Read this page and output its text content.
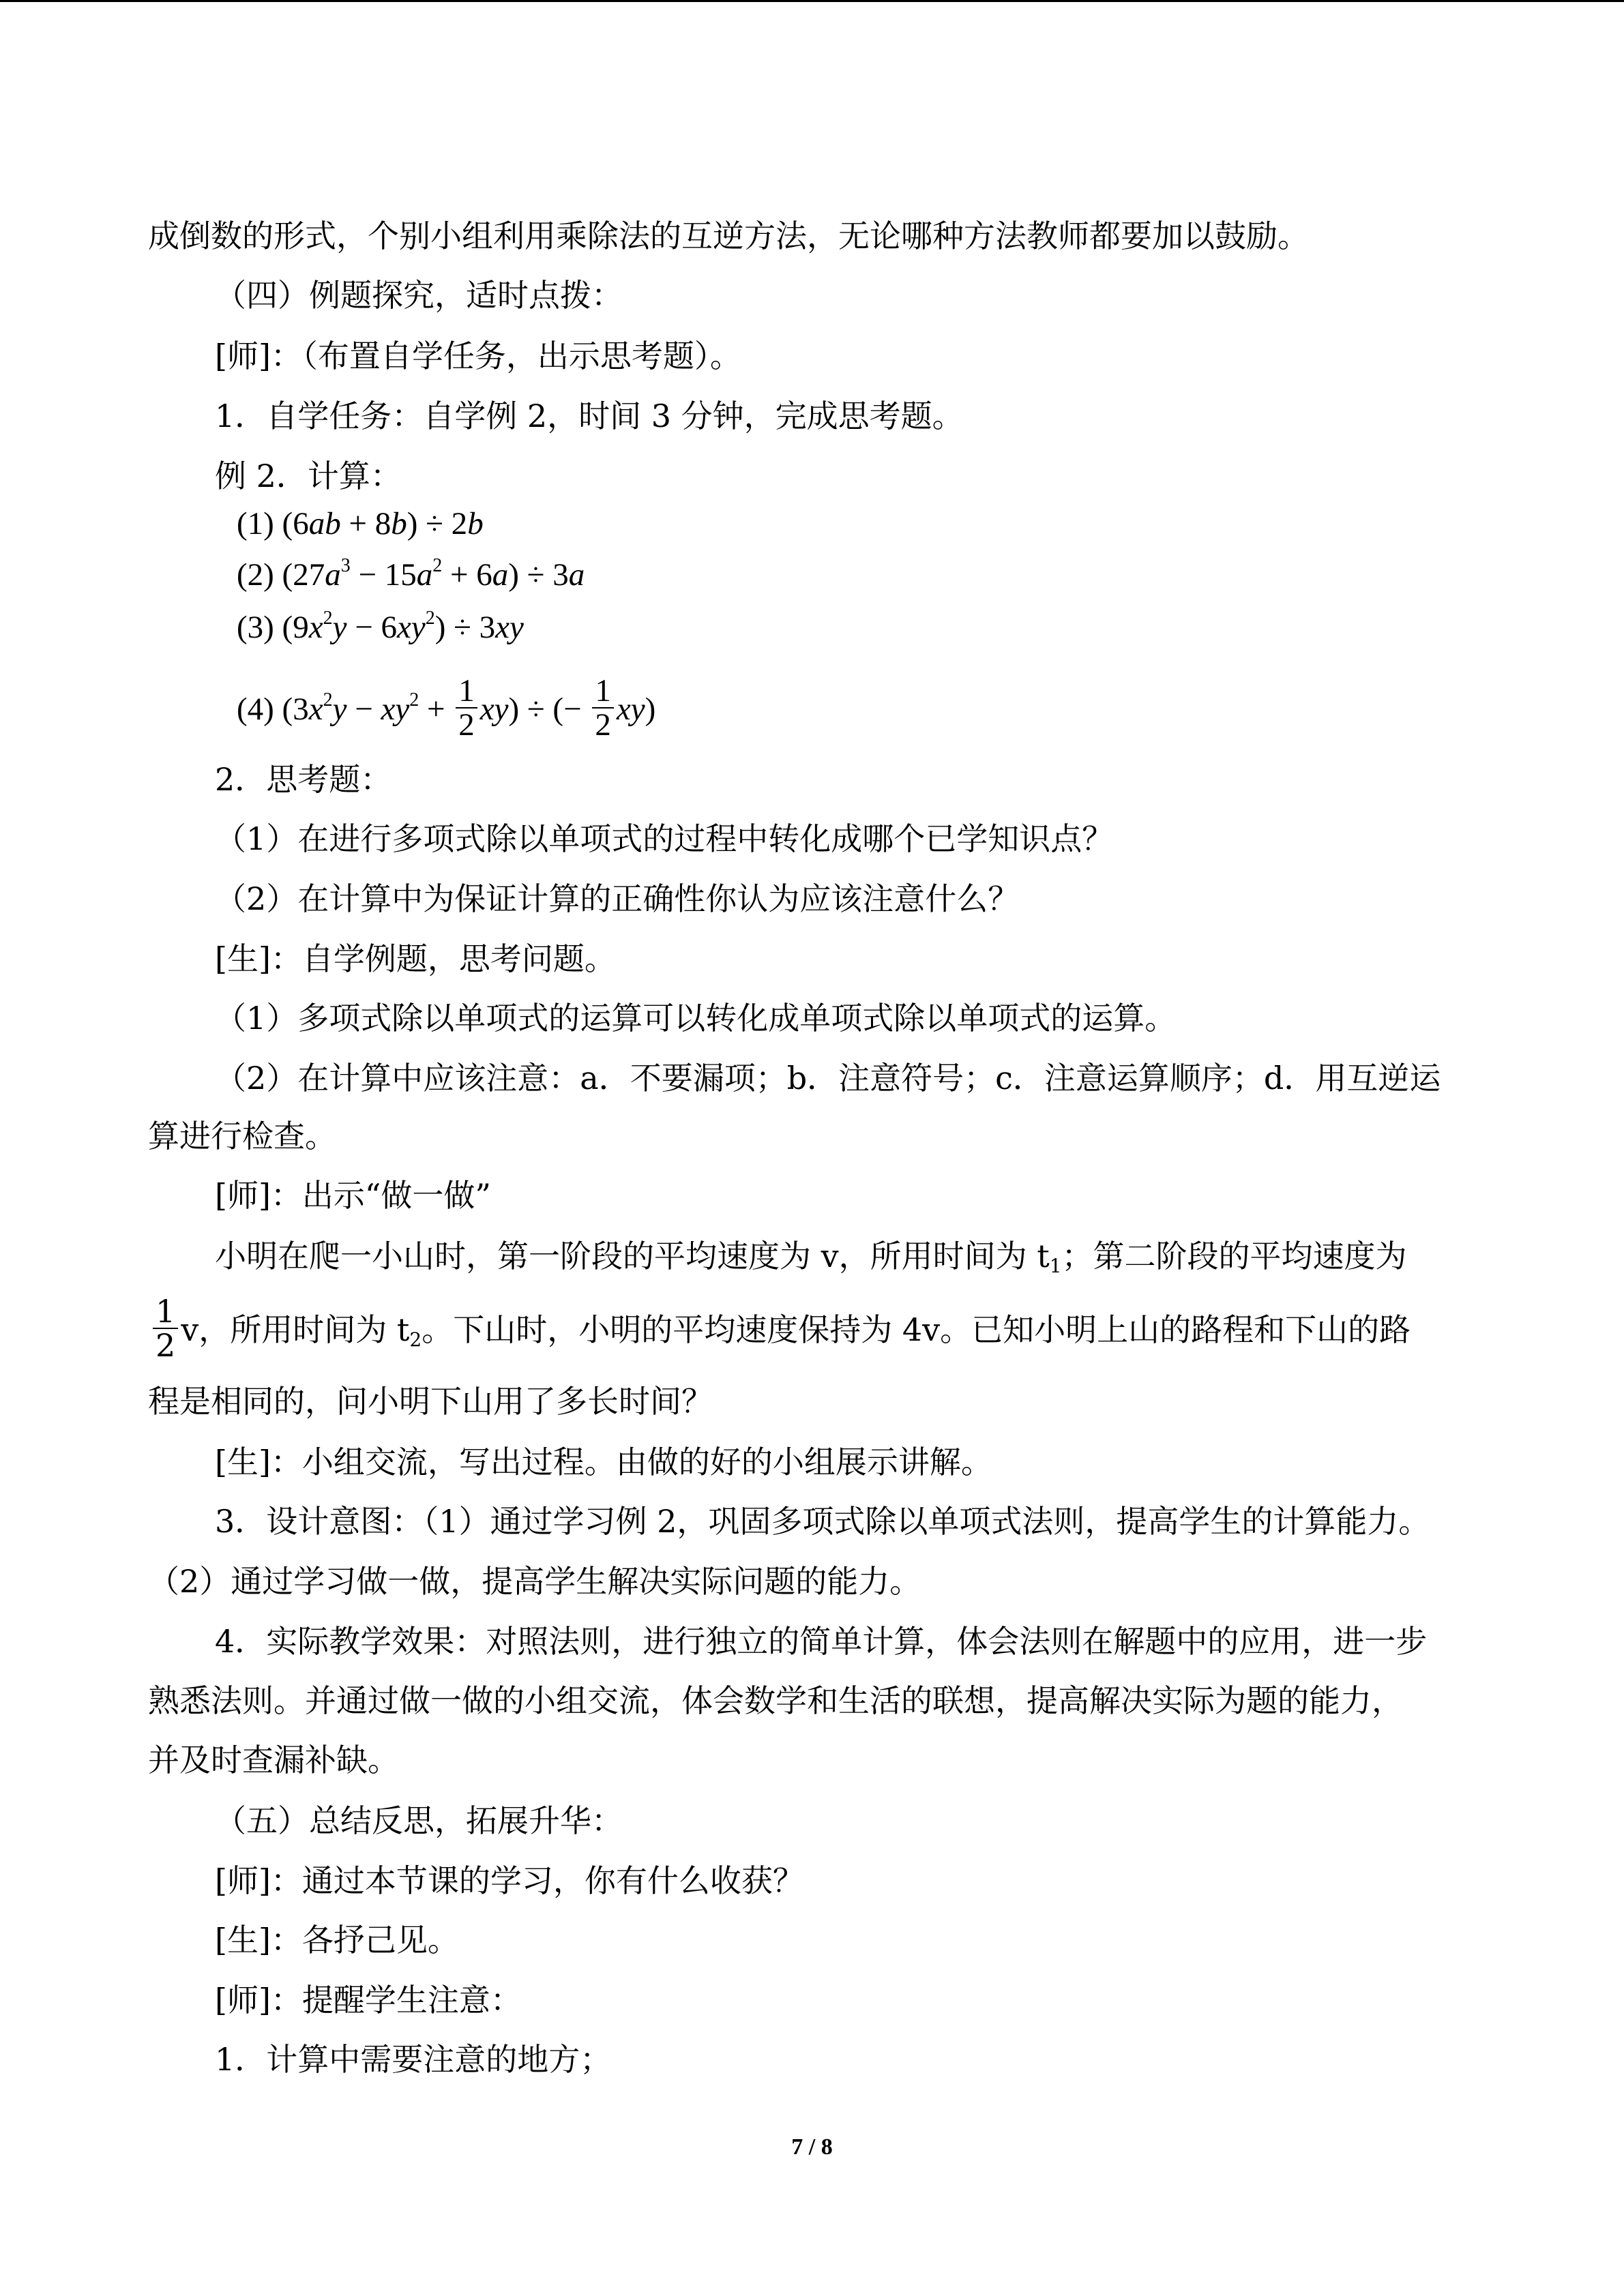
成倒数的形式，个别小组利用乘除法的互逆方法，无论哪种方法教师都要加以鼓励。
（四）例题探究，适时点拨：
[师]：（布置自学任务，出示思考题）。
1．自学任务：自学例 2，时间 3 分钟，完成思考题。
例 2．计算：
(1) (6ab + 8b) ÷ 2b
(2) $(27a^3 - 15a^2 + 6a) \div 3a$
(3) $(9x^2y - 6xy^2) \div 3xy$
(4) $(3x^2y - xy^2 + \frac{1}{2} xy)$ ÷ (− $\frac{1}{2} xy$)
2．思考题：
（1）在进行多项式除以单项式的过程中转化成哪个已学知识点？
（2）在计算中为保证计算的正确性你认为应该注意什么？
[生]：自学例题，思考问题。
（1）多项式除以单项式的运算可以转化成单项式除以单项式的运算。
（2）在计算中应该注意：a．不要漏项；b．注意符号；c．注意运算顺序；d．用互逆运
算进行检查。
[师]：出示“做一做”
小明在爬一小山时，第一阶段的平均速度为 v，所用时间为 $t_1$；第二阶段的平均速度为
$\frac{1}{2}$ v，所用时间为 $t_2$。下山时，小明的平均速度保持为 4v。已知小明上山的路程和下山的路
程是相同的，问小明下山用了多长时间？
[生]：小组交流，写出过程。由做的好的小组展示讲解。
3．设计意图：（1）通过学习例 2，巩固多项式除以单项式法则，提高学生的计算能力。
（2）通过学习做一做，提高学生解决实际问题的能力。
4．实际教学效果：对照法则，进行独立的简单计算，体会法则在解题中的应用，进一步
熟悉法则。并通过做一做的小组交流，体会数学和生活的联想，提高解决实际为题的能力，
并及时查漏补缺。
（五）总结反思，拓展升华：
[师]：通过本节课的学习，你有什么收获？
[生]：各抒己见。
[师]：提醒学生注意：
1．计算中需要注意的地方；
7 / 8
